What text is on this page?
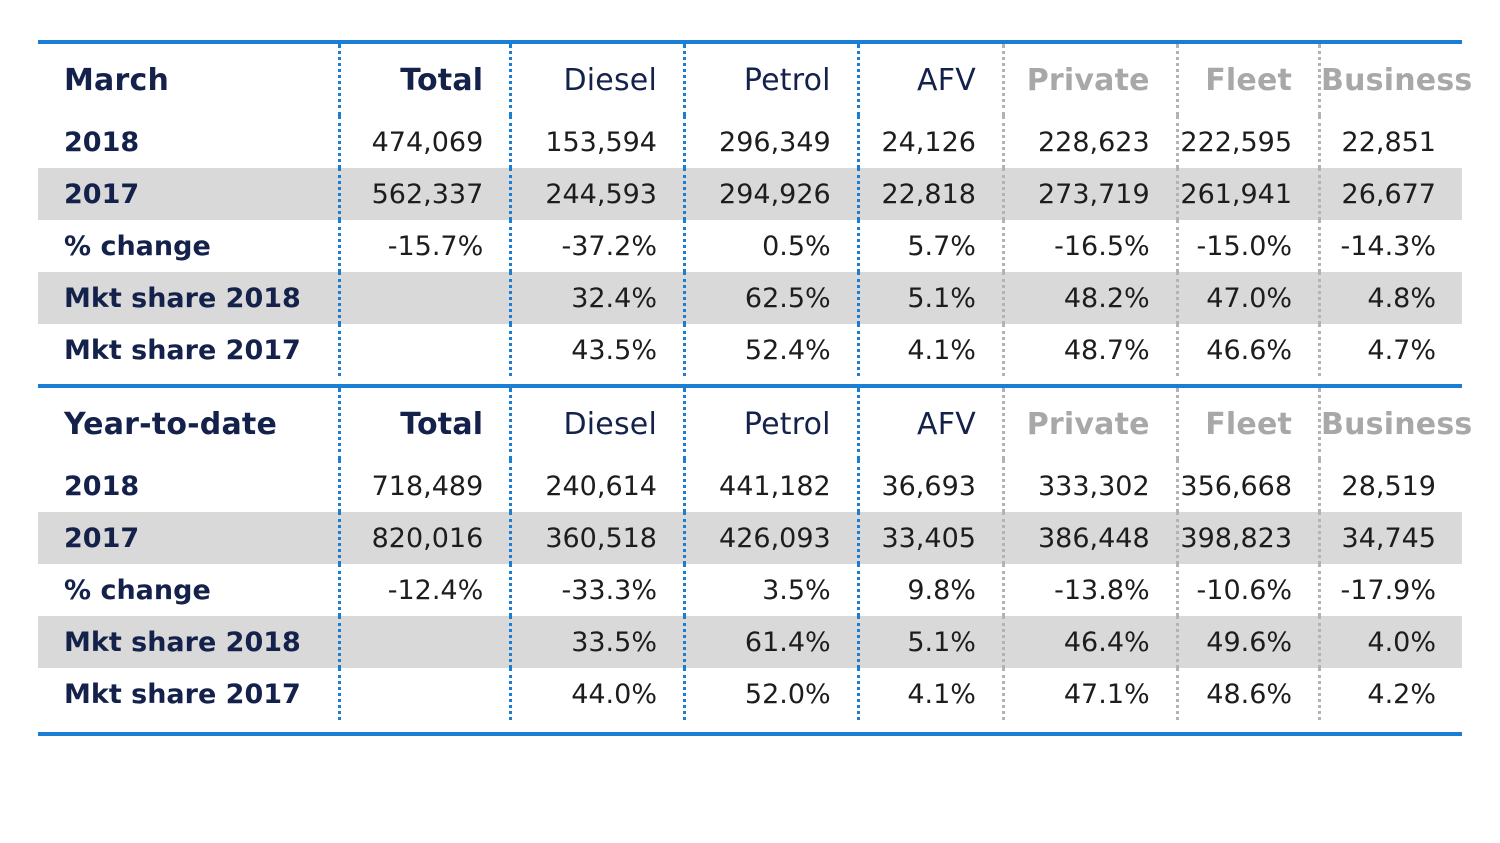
March	Total	Diesel	Petrol	AFV	Private	Fleet	Business
2018	474,069	153,594	296,349	24,126	228,623	222,595	22,851
2017	562,337	244,593	294,926	22,818	273,719	261,941	26,677
% change	-15.7%	-37.2%	0.5%	5.7%	-16.5%	-15.0%	-14.3%
Mkt share 2018		32.4%	62.5%	5.1%	48.2%	47.0%	4.8%
Mkt share 2017		43.5%	52.4%	4.1%	48.7%	46.6%	4.7%
Year-to-date	Total	Diesel	Petrol	AFV	Private	Fleet	Business
2018	718,489	240,614	441,182	36,693	333,302	356,668	28,519
2017	820,016	360,518	426,093	33,405	386,448	398,823	34,745
% change	-12.4%	-33.3%	3.5%	9.8%	-13.8%	-10.6%	-17.9%
Mkt share 2018		33.5%	61.4%	5.1%	46.4%	49.6%	4.0%
Mkt share 2017		44.0%	52.0%	4.1%	47.1%	48.6%	4.2%
